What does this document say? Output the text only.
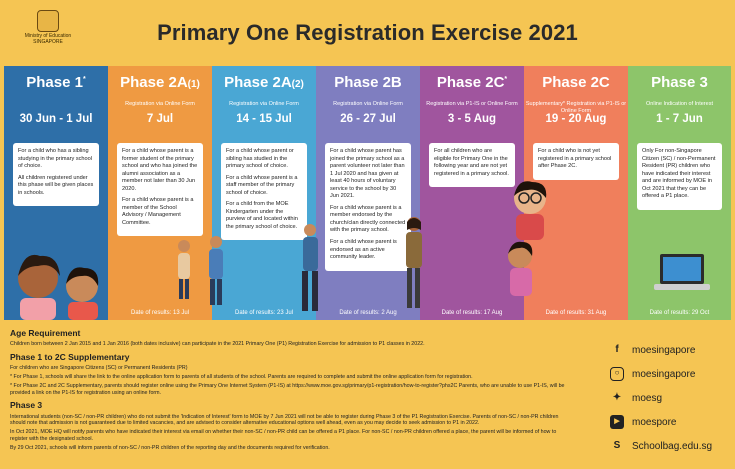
Ministry of Education SINGAPORE	Primary One Registration Exercise 2021
Phase 1*
30 Jun - 1 Jul

For a child who has a sibling studying in the primary school of choice.

All children registered under this phase will be given places in schools.

Phase 2A(1)
Registration via Online Form
7 Jul

For a child whose parent is a former student of the primary school and who has joined the alumni association as a member not later than 30 Jun 2020.

For a child whose parent is a member of the School Advisory / Management Committee.

Date of results: 13 Jul
Phase 2A(2)
Registration via Online Form
14 - 15 Jul

For a child whose parent or sibling has studied in the primary school of choice.

For a child whose parent is a staff member of the primary school of choice.

For a child from the MOE Kindergarten under the purview of and located within the primary school of choice.

Date of results: 23 Jul
Phase 2B
Registration via Online Form
26 - 27 Jul

For a child whose parent has joined the primary school as a parent volunteer not later than 1 Jul 2020 and has given at least 40 hours of voluntary service to the school by 30 Jun 2021.

For a child whose parent is a member endorsed by the church/clan directly connected with the primary school.

For a child whose parent is endorsed as an active community leader.

Date of results: 2 Aug
Phase 2C*
Registration via P1-IS or Online Form
3 - 5 Aug

For all children who are eligible for Primary One in the following year and are not yet registered in a primary school.

Date of results: 17 Aug
Phase 2C
Supplementary* Registration via P1-IS or Online Form
19 - 20 Aug

For a child who is not yet registered in a primary school after Phase 2C.

Date of results: 31 Aug
Phase 3
Online Indication of Interest
1 - 7 Jun

Only For non-Singapore Citizen (SC) / non-Permanent Resident (PR) children who have indicated their interest and are informed by MOE in Oct 2021 that they can be offered a P1 place.

Date of results: 29 Oct
Age Requirement

Children born between 2 Jan 2015 and 1 Jan 2016 (both dates inclusive) can participate in the 2021 Primary One (P1) Registration Exercise for admission to P1 classes in 2022.

Phase 1 to 2C Supplementary

For children who are Singapore Citizens (SC) or Permanent Residents (PR)

* For Phase 1, schools will share the link to the online application form to parents of all students of the school. Parents are required to complete and submit the online application form for registration.

* For Phase 2C and 2C Supplementary, parents should register online using the Primary One Internet System (P1-IS) at https://www.moe.gov.sg/primary/p1-registration/how-to-register?phs2C Parents, who are unable to use P1-IS, will be provided a link on the P1-IS for registration using an online form.

Phase 3

International students (non-SC / non-PR children) who do not submit the 'Indication of Interest' form to MOE by 7 Jun 2021 will not be able to register during Phase 3 of the P1 Registration Exercise. Parents of non-SC / non-PR children should note that admission is not guaranteed due to limited vacancies, and are advised to consider alternative educational options well ahead, even as you may decide to seek admission to P1 in 2022.

In Oct 2021, MOE HQ will notify parents who have indicated their interest via email on whether their non-SC / non-PR child can be offered a P1 place. For non-SC / non-PR children offered a place, the parent will be informed of how to register with the designated school.

By 29 Oct 2021, schools will inform parents of non-SC / non-PR children of the reporting day and the documents required for verification.

f	moesingapore
○	moesingapore
✦ moesg
▶	moespore
S	Schoolbag.edu.sg
